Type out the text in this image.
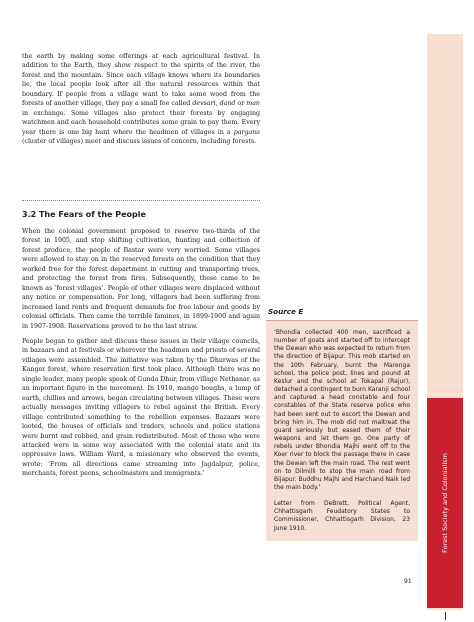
the earth by making some offerings at each agricultural festival. In addition to the Earth, they show respect to the spirits of the river, the forest and the mountain. Since each village knows where its boundaries lie, the local people look after all the natural resources within that boundary. If people from a village want to take some wood from the forests of another village, they pay a small fee called devsari, dand or man in exchange. Some villages also protect their forests by engaging watchmen and each household contributes some grain to pay them. Every year there is one big hunt where the headmen of villages in a pargana (cluster of villages) meet and discuss issues of concern, including forests.

3.2 The Fears of the People

When the colonial government proposed to reserve two-thirds of the forest in 1905, and stop shifting cultivation, hunting and collection of forest produce, the people of Bastar were very worried. Some villages were allowed to stay on in the reserved forests on the condition that they worked free for the forest department in cutting and transporting trees, and protecting the forest from fires. Subsequently, these came to be known as ‘forest villages’. People of other villages were displaced without any notice or compensation. For long, villagers had been suffering from increased land rents and frequent demands for free labour and goods by colonial officials. Then came the terrible famines, in 1899-1900 and again in 1907-1908. Reservations proved to be the last straw.

People began to gather and discuss these issues in their village councils, in bazaars and at festivals or wherever the headmen and priests of several villages were assembled. The initiative was taken by the Dhurwas of the Kanger forest, where reservation first took place. Although there was no single leader, many people speak of Gunda Dhur, from village Nethanar, as an important figure in the movement. In 1910, mango boughs, a lump of earth, chillies and arrows, began circulating between villages. These were actually messages inviting villagers to rebel against the British. Every village contributed something to the rebellion expenses. Bazaars were looted, the houses of officials and traders, schools and police stations were burnt and robbed, and grain redistributed. Most of those who were attacked were in some way associated with the colonial state and its oppressive laws. William Ward, a missionary who observed the events, wrote: ‘From all directions came streaming into Jagdalpur, police, merchants, forest peons, schoolmasters and immigrants.’

Source E

‘Bhondia collected 400 men, sacrificed a number of goats and started off to intercept the Dewan who was expected to return from the direction of Bijapur. This mob started on the 10th February, burnt the Marenga school, the police post, lines and pound at Keslur and the school at Tokapal (Rajur), detached a contingent to burn Karanji school and captured a head constable and four constables of the State reserve police who had been sent out to escort the Dewan and bring him in. The mob did not maltreat the guard seriously but eased them of their weapons and let them go. One party of rebels under Bhondia Majhi went off to the Koer river to block the passage there in case the Dewan left the main road. The rest went on to Dilmilli to stop the main road from Bijapur. Buddhu Majhi and Harchand Naik led the main body.’

Letter from DeBrett, Political Agent, Chhattisgarh Feudatory States to Commissioner, Chhattisgarh Division, 23 June 1910.	Forest Society and Colonialism
91
